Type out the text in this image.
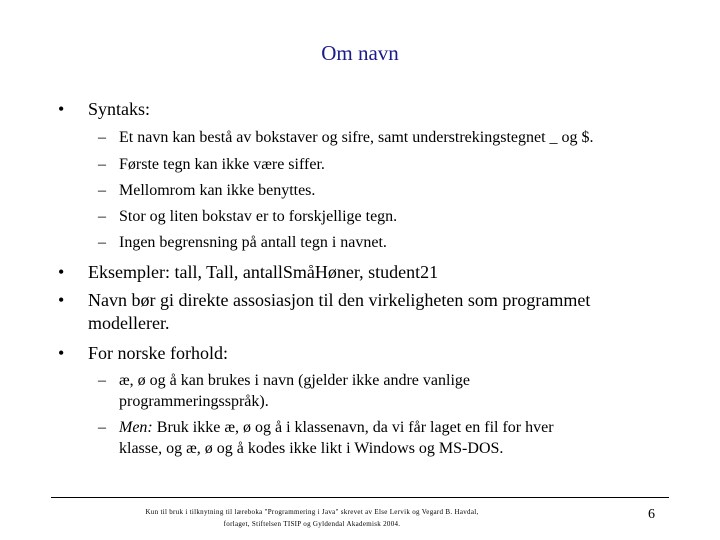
Om navn
•	Syntaks:
– Et navn kan bestå av bokstaver og sifre, samt understrekingstegnet _ og $.
– Første tegn kan ikke være siffer.
– Mellomrom kan ikke benyttes.
– Stor og liten bokstav er to forskjellige tegn.
– Ingen begrensning på antall tegn i navnet.
•	Eksempler: tall, Tall, antallSmåHøner, student21
•	Navn bør gi direkte assosiasjon til den virkeligheten som programmet
modellerer.
•	For norske forhold:
– æ, ø og å kan brukes i navn (gjelder ikke andre vanlige
programmeringsspråk).
– Men: Bruk ikke æ, ø og å i klassenavn, da vi får laget en fil for hver
klasse, og æ, ø og å kodes ikke likt i Windows og MS-DOS.
Kun til bruk i tilknytning til læreboka "Programmering i Java" skrevet av Else Lervik og Vegard B. Havdal,
forlaget, Stiftelsen TISIP og Gyldendal Akademisk 2004.
6
